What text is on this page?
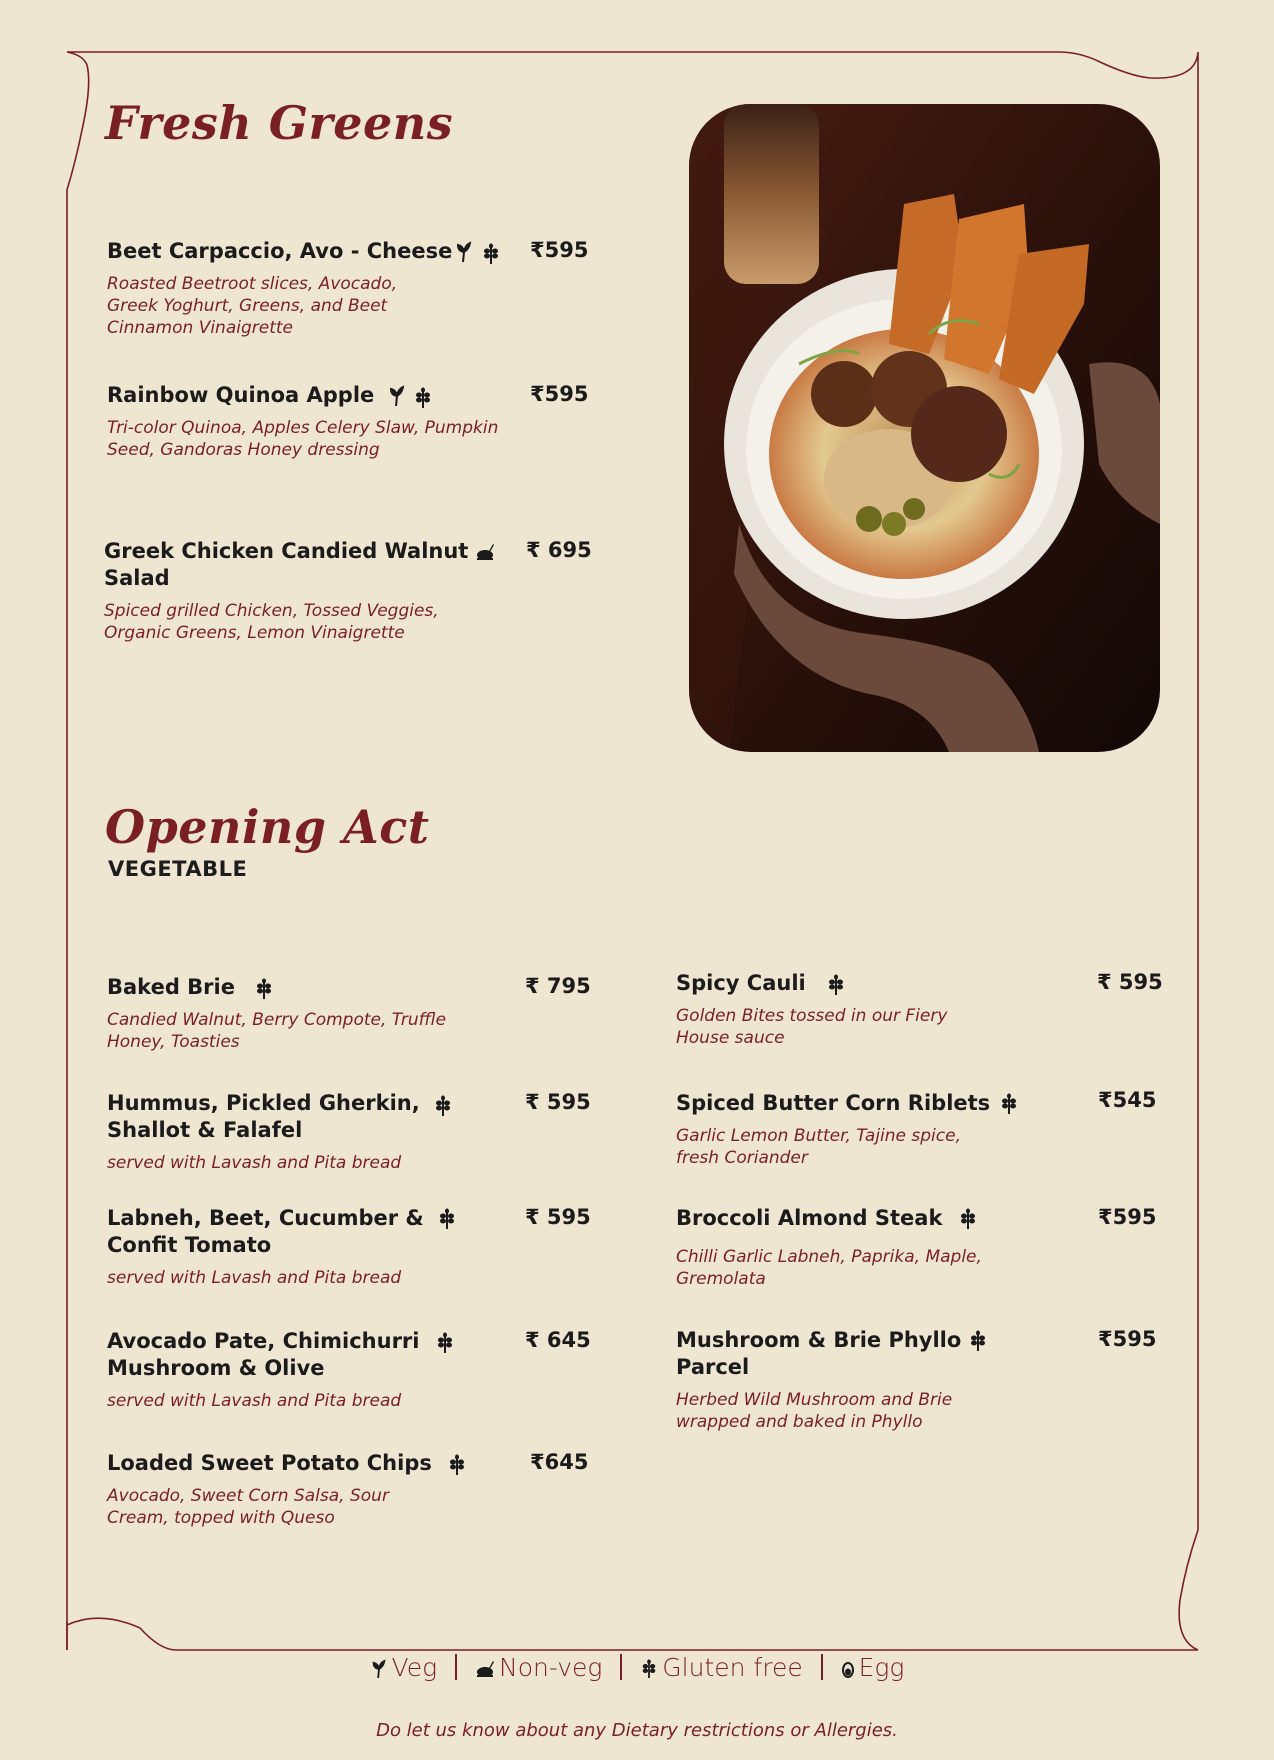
Fresh Greens
Beet Carpaccio, Avo - Cheese
Roasted Beetroot slices, Avocado, Greek Yoghurt, Greens, and Beet Cinnamon Vinaigrette
₹595
Rainbow Quinoa Apple
Tri-color Quinoa, Apples Celery Slaw, Pumpkin Seed, Gandoras Honey dressing
₹595
Greek Chicken Candied Walnut Salad
Spiced grilled Chicken, Tossed Veggies, Organic Greens, Lemon Vinaigrette
₹ 695
Opening Act
VEGETABLE
Baked Brie
Candied Walnut, Berry Compote, Truffle Honey, Toasties
₹ 795
Hummus, Pickled Gherkin, Shallot & Falafel
served with Lavash and Pita bread
₹ 595
Labneh, Beet, Cucumber & Confit Tomato
served with Lavash and Pita bread
₹ 595
Avocado Pate, Chimichurri Mushroom & Olive
served with Lavash and Pita bread
₹ 645
Loaded Sweet Potato Chips
Avocado, Sweet Corn Salsa, Sour Cream, topped with Queso
₹645
Spicy Cauli
Golden Bites tossed in our Fiery House sauce
₹ 595
Spiced Butter Corn Riblets
Garlic Lemon Butter, Tajine spice, fresh Coriander
₹545
Broccoli Almond Steak
Chilli Garlic Labneh, Paprika, Maple, Gremolata
₹595
Mushroom & Brie Phyllo Parcel
Herbed Wild Mushroom and Brie wrapped and baked in Phyllo
₹595
Veg Non-veg Gluten free Egg
Do let us know about any Dietary restrictions or Allergies.
